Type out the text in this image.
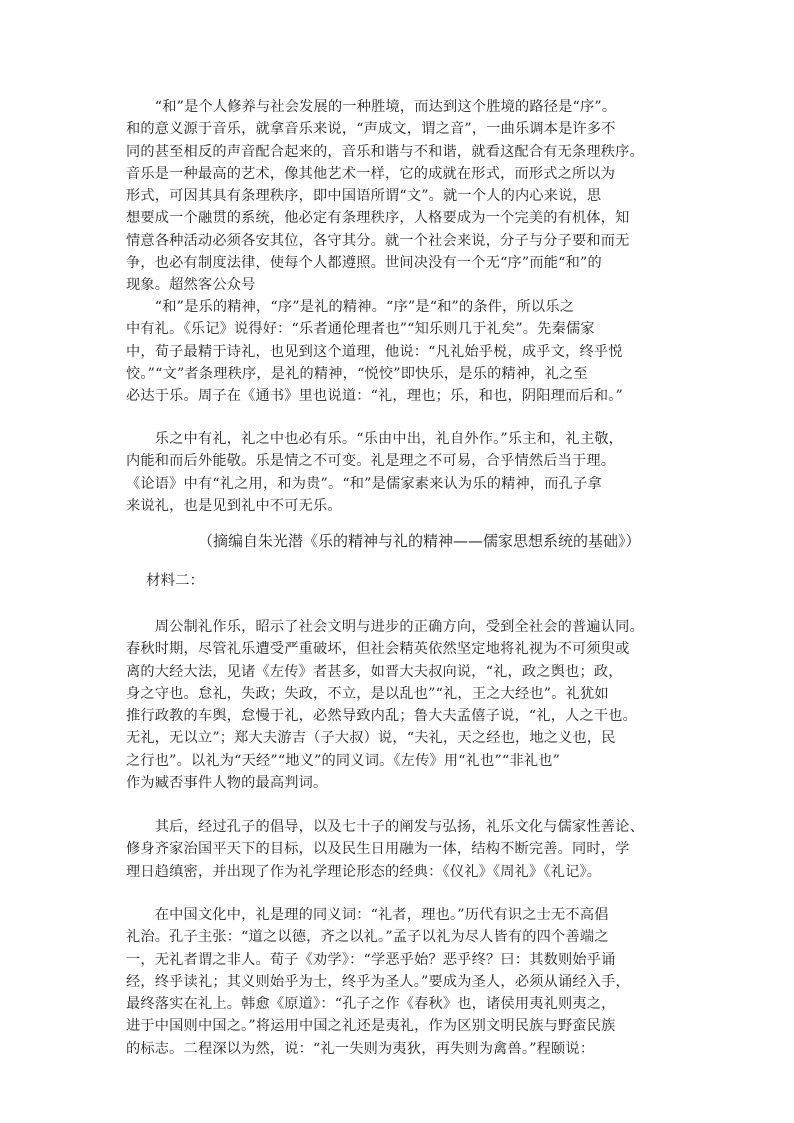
　　“和”是个人修养与社会发展的一种胜境，而达到这个胜境的路径是“序”。
和的意义源于音乐，就拿音乐来说，“声成文，谓之音”，一曲乐调本是许多不
同的甚至相反的声音配合起来的，音乐和谐与不和谐，就看这配合有无条理秩序。
音乐是一种最高的艺术，像其他艺术一样，它的成就在形式，而形式之所以为
形式，可因其具有条理秩序，即中国语所谓“文”。就一个人的内心来说，思
想要成一个融贯的系统，他必定有条理秩序，人格要成为一个完美的有机体，知
情意各种活动必须各安其位，各守其分。就一个社会来说，分子与分子要和而无
争，也必有制度法律，使每个人都遵照。世间决没有一个无“序”而能“和”的
现象。超然客公众号
　　“和”是乐的精神，“序”是礼的精神。“序”是“和”的条件，所以乐之
中有礼。《乐记》说得好：“乐者通伦理者也”“知乐则几于礼矣”。先秦儒家
中，荀子最精于诗礼，也见到这个道理，他说：“凡礼始乎棁，成乎文，终乎悦
恔。”“文”者条理秩序，是礼的精神，“悦恔”即快乐，是乐的精神，礼之至
必达于乐。周子在《通书》里也说道：“礼，理也；乐，和也，阴阳理而后和。”
　　乐之中有礼，礼之中也必有乐。“乐由中出，礼自外作。”乐主和，礼主敬，
内能和而后外能敬。乐是情之不可变。礼是理之不可易，合乎情然后当于理。
《论语》中有“礼之用，和为贵”。“和”是儒家素来认为乐的精神，而孔子拿
来说礼，也是见到礼中不可无乐。

（摘编自朱光潜《乐的精神与礼的精神——儒家思想系统的基础》）

材料二：

　　周公制礼作乐，昭示了社会文明与进步的正确方向，受到全社会的普遍认同。
春秋时期，尽管礼乐遭受严重破坏，但社会精英依然坚定地将礼视为不可须臾或
离的大经大法，见诸《左传》者甚多，如晋大夫叔向说，“礼，政之舆也；政，
身之守也。怠礼，失政；失政，不立，是以乱也”“礼，王之大经也”。礼犹如
推行政教的车舆，怠慢于礼，必然导致内乱；鲁大夫孟僖子说，“礼，人之干也。
无礼，无以立”；郑大夫游吉（子大叔）说，“夫礼，天之经也，地之义也，民
之行也”。以礼为“天经”“地义”的同义词。《左传》用“礼也”“非礼也”
作为臧否事件人物的最高判词。
　　其后，经过孔子的倡导，以及七十子的阐发与弘扬，礼乐文化与儒家性善论、
修身齐家治国平天下的目标，以及民生日用融为一体，结构不断完善。同时，学
理日趋缜密，并出现了作为礼学理论形态的经典：《仪礼》《周礼》《礼记》。
　　在中国文化中，礼是理的同义词：“礼者，理也。”历代有识之士无不高倡
礼治。孔子主张：“道之以德，齐之以礼。”孟子以礼为尽人皆有的四个善端之
一，无礼者谓之非人。荀子《劝学》：“学恶乎始？恶乎终？曰：其数则始乎诵
经，终乎读礼；其义则始乎为士，终乎为圣人。”要成为圣人，必须从诵经入手，
最终落实在礼上。韩愈《原道》：“孔子之作《春秋》也，诸侯用夷礼则夷之，
进于中国则中国之。”将运用中国之礼还是夷礼，作为区别文明民族与野蛮民族
的标志。二程深以为然，说：“礼一失则为夷狄，再失则为禽兽。”程颐说：
